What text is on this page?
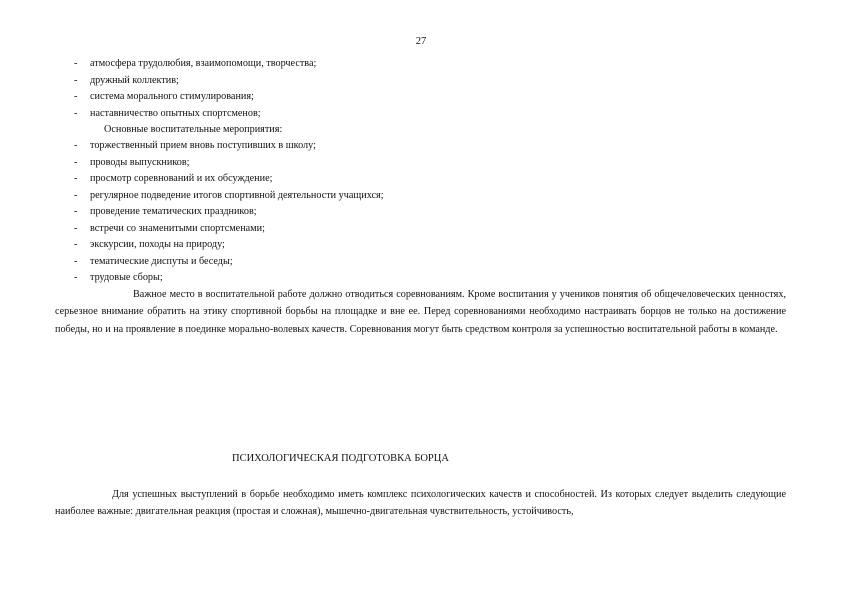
27
- атмосфера трудолюбия, взаимопомощи, творчества;
- дружный коллектив;
- система морального стимулирования;
- наставничество опытных спортсменов;
Основные воспитательные мероприятия:
- торжественный прием вновь поступивших в школу;
- проводы выпускников;
- просмотр соревнований и их обсуждение;
- регулярное подведение итогов спортивной деятельности учащихся;
- проведение тематических праздников;
- встречи со знаменитыми спортсменами;
- экскурсии, походы на природу;
- тематические диспуты и беседы;
- трудовые сборы;
Важное место в воспитательной работе должно отводиться соревнованиям. Кроме воспитания у учеников понятия об общечеловеческих ценностях, серьезное внимание обратить на этику спортивной борьбы на площадке и вне ее. Перед соревнованиями необходимо настраивать борцов не только на достижение победы, но и на проявление в поединке морально-волевых качеств. Соревнования могут быть средством контроля за успешностью воспитательной работы в команде.
ПСИХОЛОГИЧЕСКАЯ ПОДГОТОВКА БОРЦА
Для успешных выступлений в борьбе необходимо иметь комплекс психологических качеств и способностей. Из которых следует выделить следующие наиболее важные: двигательная реакция (простая и сложная), мышечно-двигательная чувствительность, устойчивость,
